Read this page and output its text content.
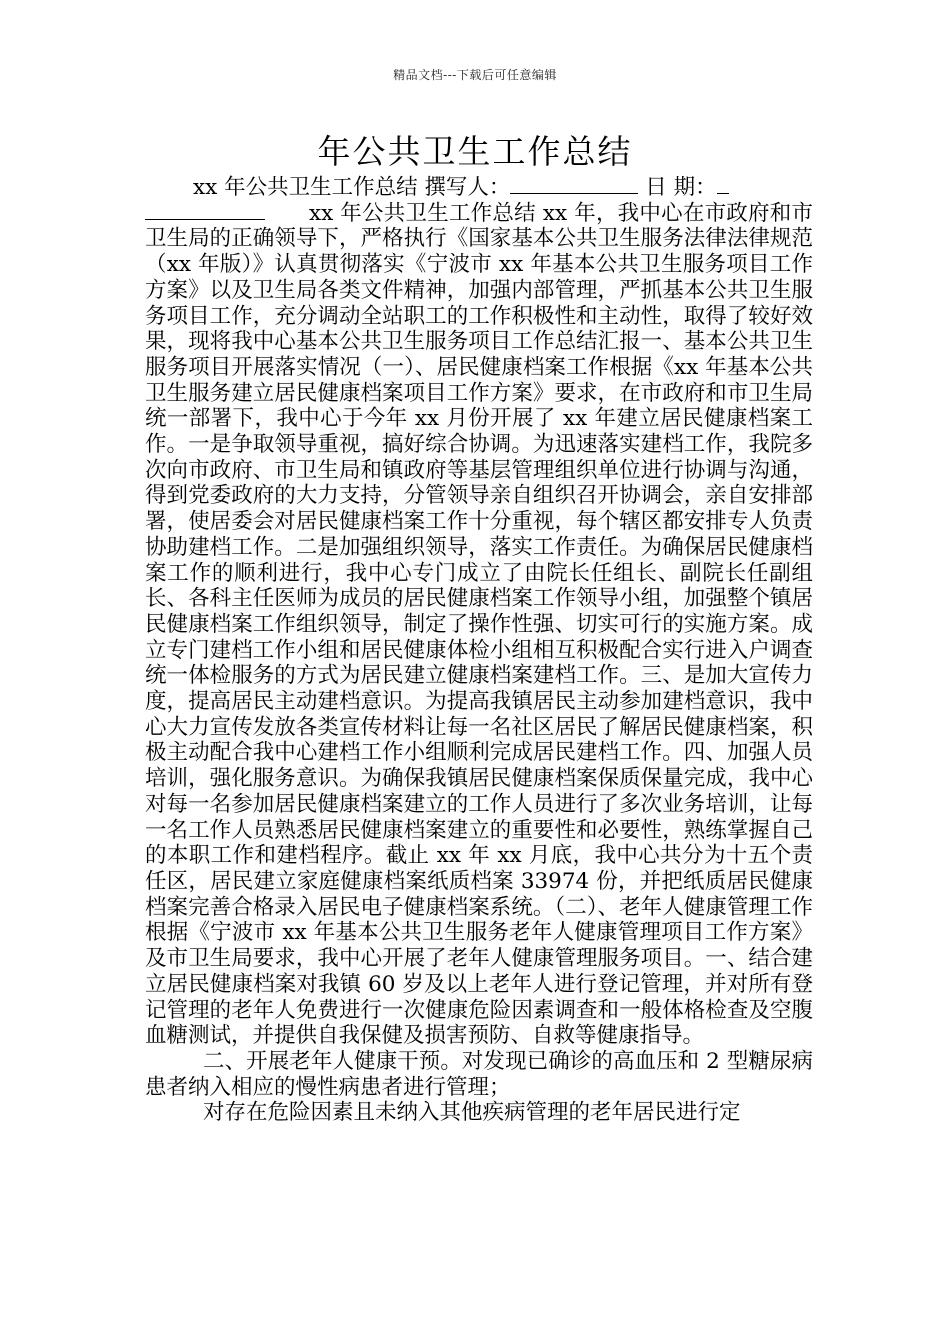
精品文档---下载后可任意编辑
年公共卫生工作总结

xx 年公共卫生工作总结 撰写人：	日 期：
xx 年公共卫生工作总结 xx 年，我中心在市政府和市卫生局的正确领导下，严格执行《国家基本公共卫生服务法律法律规范（xx 年版）》认真贯彻落实《宁波市 xx 年基本公共卫生服务项目工作方案》以及卫生局各类文件精神，加强内部管理，严抓基本公共卫生服务项目工作，充分调动全站职工的工作积极性和主动性，取得了较好效果，现将我中心基本公共卫生服务项目工作总结汇报一、基本公共卫生服务项目开展落实情况（一）、居民健康档案工作根据《xx 年基本公共卫生服务建立居民健康档案项目工作方案》要求，在市政府和市卫生局统一部署下，我中心于今年 xx 月份开展了 xx 年建立居民健康档案工作。一是争取领导重视，搞好综合协调。为迅速落实建档工作，我院多次向市政府、市卫生局和镇政府等基层管理组织单位进行协调与沟通，得到党委政府的大力支持，分管领导亲自组织召开协调会，亲自安排部署，使居委会对居民健康档案工作十分重视，每个辖区都安排专人负责协助建档工作。二是加强组织领导，落实工作责任。为确保居民健康档案工作的顺利进行，我中心专门成立了由院长任组长、副院长任副组长、各科主任医师为成员的居民健康档案工作领导小组，加强整个镇居民健康档案工作组织领导，制定了操作性强、切实可行的实施方案。成立专门建档工作小组和居民健康体检小组相互积极配合实行进入户调查统一体检服务的方式为居民建立健康档案建档工作。三、是加大宣传力度，提高居民主动建档意识。为提高我镇居民主动参加建档意识，我中心大力宣传发放各类宣传材料让每一名社区居民了解居民健康档案，积极主动配合我中心建档工作小组顺利完成居民建档工作。四、加强人员培训，强化服务意识。为确保我镇居民健康档案保质保量完成，我中心对每一名参加居民健康档案建立的工作人员进行了多次业务培训，让每一名工作人员熟悉居民健康档案建立的重要性和必要性，熟练掌握自己的本职工作和建档程序。截止 xx 年 xx 月底，我中心共分为十五个责任区，居民建立家庭健康档案纸质档案 33974 份，并把纸质居民健康档案完善合格录入居民电子健康档案系统。（二）、老年人健康管理工作根据《宁波市 xx 年基本公共卫生服务老年人健康管理项目工作方案》及市卫生局要求，我中心开展了老年人健康管理服务项目。一、结合建立居民健康档案对我镇 60 岁及以上老年人进行登记管理，并对所有登记管理的老年人免费进行一次健康危险因素调查和一般体格检查及空腹血糖测试，并提供自我保健及损害预防、自救等健康指导。

二、开展老年人健康干预。对发现已确诊的高血压和 2 型糖尿病患者纳入相应的慢性病患者进行管理；

对存在危险因素且未纳入其他疾病管理的老年居民进行定
